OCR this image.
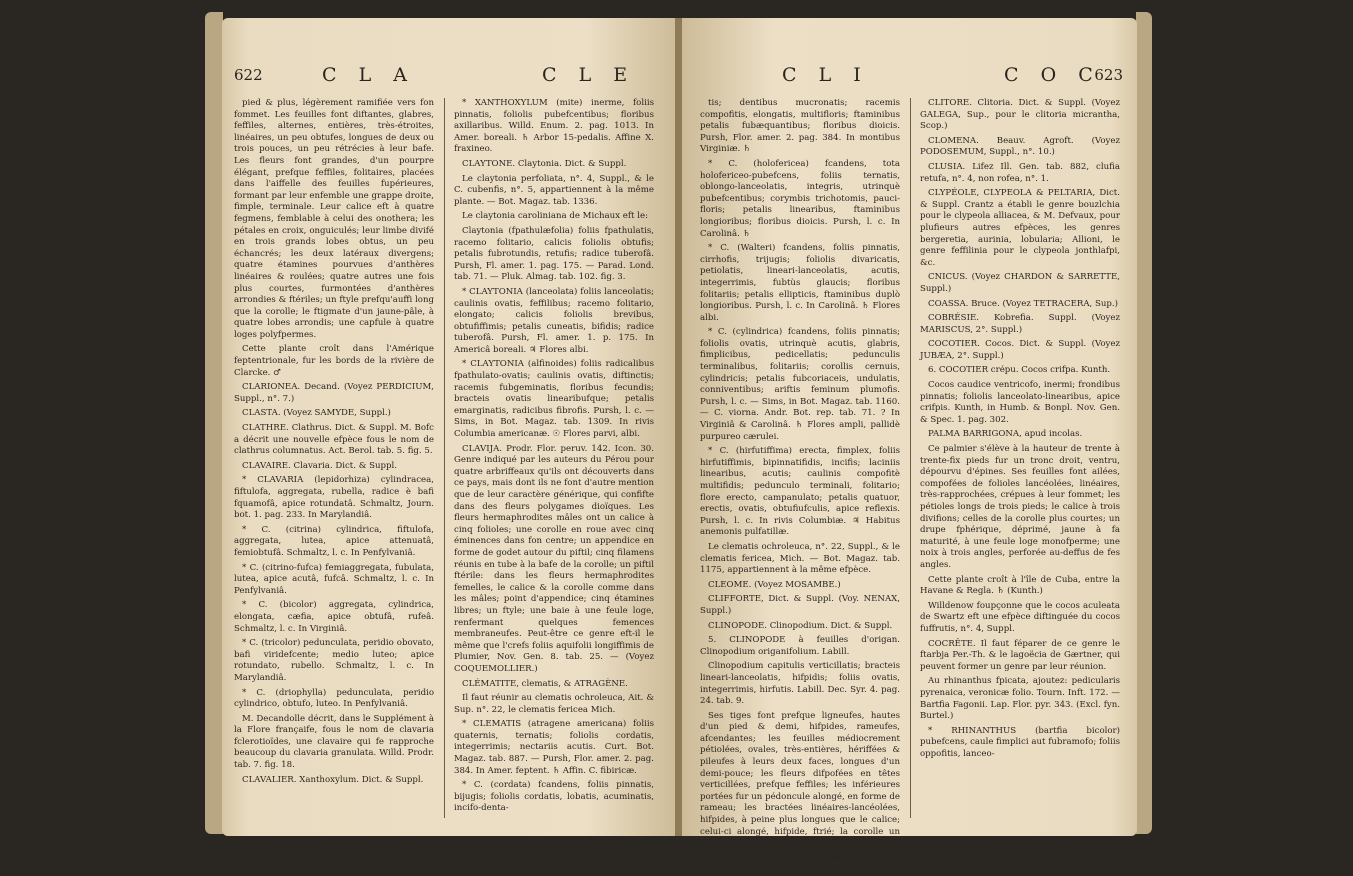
622	C L A	C L E

pied & plus, légèrement ramifiée vers fon fommet. Les feuilles font diftantes, glabres, feffiles, alternes, entières, très-étroites, linéaires, un peu obtufes, longues de deux ou trois pouces, un peu rétrécies à leur bafe. Les fleurs font grandes, d'un pourpre élégant, prefque feffiles, folitaires, placées dans l'aiffelle des feuilles fupérieures, formant par leur enfemble une grappe droite, fimple, terminale. Leur calice eft à quatre fegmens, femblable à celui des onothera; les pétales en croix, onguiculés; leur limbe divifé en trois grands lobes obtus, un peu échancrés; les deux latéraux divergens; quatre étamines pourvues d'anthères linéaires & roulées; quatre autres une fois plus courtes, furmontées d'anthères arrondies & ftériles; un ftyle prefqu'auffi long que la corolle; le ftigmate d'un jaune-pâle, à quatre lobes arrondis; une capfule à quatre loges polyfpermes.

Cette plante croît dans l'Amérique feptentrionale, fur les bords de la rivière de Clarcke. ♂

CLARIONEA. Decand. (Voyez PERDICIUM, Suppl., n°. 7.)

CLASTA. (Voyez SAMYDE, Suppl.)

CLATHRE. Clathrus. Dict. & Suppl. M. Bofc a décrit une nouvelle efpèce fous le nom de clathrus columnatus. Act. Berol. tab. 5. fig. 5.

CLAVAIRE. Clavaria. Dict. & Suppl.

* CLAVARIA (lepidorhiza) cylindracea, fiftulofa, aggregata, rubella, radice è bafi fquamofâ, apice rotundatâ. Schmaltz, Journ. bot. 1. pag. 233. In Marylandiâ.

* C. (citrina) cylindrica, fiftulofa, aggregata, lutea, apice attenuatâ, femiobtufâ. Schmaltz, l. c. In Penfylvaniâ.

* C. (citrino-fufca) femiaggregata, fubulata, lutea, apice acutâ, fufcâ. Schmaltz, l. c. In Penfylvaniâ.

* C. (bicolor) aggregata, cylindrica, elongata, cæfia, apice obtufâ, rufeâ. Schmaltz, l. c. In Virginiâ.

* C. (tricolor) pedunculata, peridio obovato, bafi viridefcente; medio luteo; apice rotundato, rubello. Schmaltz, l. c. In Marylandiâ.

* C. (driophylla) pedunculata, peridio cylindrico, obtufo, luteo. In Penfylvaniâ.

M. Decandolle décrit, dans le Supplément à la Flore françaife, fous le nom de clavaria fclerotioïdes, une clavaire qui fe rapproche beaucoup du clavaria granulata. Willd. Prodr. tab. 7. fig. 18.

CLAVALIER. Xanthoxylum. Dict. & Suppl.

* XANTHOXYLUM (mite) inerme, foliis pinnatis, foliolis pubefcentibus; floribus axillaribus. Willd. Enum. 2. pag. 1013. In Amer. boreali. ♄ Arbor 15-pedalis. Affine X. fraxineo.

CLAYTONE. Claytonia. Dict. & Suppl.

Le claytonia perfoliata, n°. 4, Suppl., & le C. cubenfis, n°. 5, appartiennent à la même plante. — Bot. Magaz. tab. 1336.

Le claytonia caroliniana de Michaux eft le:

Claytonia (fpathulæfolia) foliis fpathulatis, racemo folitario, calicis foliolis obtufis; petalis fubrotundis, retufis; radice tuberofâ. Pursh, Fl. amer. 1. pag. 175. — Parad. Lond. tab. 71. — Pluk. Almag. tab. 102. fig. 3.

* CLAYTONIA (lanceolata) foliis lanceolatis; caulinis ovatis, feffilibus; racemo folitario, elongato; calicis foliolis brevibus, obtufiffimis; petalis cuneatis, bifidis; radice tuberofâ. Pursh, Fl. amer. 1. p. 175. In Americâ boreali. ♃ Flores albi.

* CLAYTONIA (alfinoides) foliis radicalibus fpathulato-ovatis; caulinis ovatis, diftinctis; racemis fubgeminatis, floribus fecundis; bracteis ovatis linearibufque; petalis emarginatis, radicibus fibrofis. Pursh, l. c. — Sims, in Bot. Magaz. tab. 1309. In rivis Columbia americanæ. ☉ Flores parvi, albi.

CLAVIJA. Prodr. Flor. peruv. 142. Icon. 30. Genre indiqué par les auteurs du Pérou pour quatre arbriffeaux qu'ils ont découverts dans ce pays, mais dont ils ne font d'autre mention que de leur caractère générique, qui confifte dans des fleurs polygames dioïques. Les fleurs hermaphrodites mâles ont un calice à cinq folioles; une corolle en roue avec cinq éminences dans fon centre; un appendice en forme de godet autour du piftil; cinq filamens réunis en tube à la bafe de la corolle; un piftil ftérile: dans les fleurs hermaphrodites femelles, le calice & la corolle comme dans les mâles; point d'appendice; cinq étamines libres; un ftyle; une baie à une feule loge, renfermant quelques femences membraneufes. Peut-être ce genre eft-il le même que l'crefs foliis aquifolii longiffimis de Plumier, Nov. Gen. 8. tab. 25. — (Voyez COQUEMOLLIER.)

CLÉMATITE, clematis, & ATRAGÈNE.

Il faut réunir au clematis ochroleuca, Ait. & Sup. n°. 22, le clematis fericea Mich.

* CLEMATIS (atragene americana) foliis quaternis, ternatis; foliolis cordatis, integerrimis; nectariis acutis. Curt. Bot. Magaz. tab. 887. — Pursh, Flor. amer. 2. pag. 384. In Amer. feptent. ♄ Affin. C. fibiricæ.

* C. (cordata) fcandens, foliis pinnatis, bijugis; foliolis cordatis, lobatis, acuminatis, incifo-denta-

C L I	C O C
623

tis; dentibus mucronatis; racemis compofitis, elongatis, multifloris; ftaminibus petalis fubæquantibus; floribus dioicis. Pursh, Flor. amer. 2. pag. 384. In montibus Virginiæ. ♄

* C. (holofericea) fcandens, tota holofericeo-pubefcens, foliis ternatis, oblongo-lanceolatis, integris, utrinquè pubefcentibus; corymbis trichotomis, pauci-floris; petalis linearibus, ftaminibus longioribus; floribus dioicis. Pursh, l. c. In Carolinâ. ♄

* C. (Walteri) fcandens, foliis pinnatis, cirrhofis, trijugis; foliolis divaricatis, petiolatis, lineari-lanceolatis, acutis, integerrimis, fubtùs glaucis; floribus folitariis; petalis ellipticis, ftaminibus duplò longioribus. Pursh, l. c. In Carolinâ. ♄ Flores albi.

* C. (cylindrica) fcandens, foliis pinnatis; foliolis ovatis, utrinquè acutis, glabris, fimplicibus, pedicellatis; pedunculis terminalibus, folitariis; corollis cernuis, cylindricis; petalis fubcoriaceis, undulatis, conniventibus; ariftis feminum plumofis. Pursh, l. c. — Sims, in Bot. Magaz. tab. 1160. — C. viorna. Andr. Bot. rep. tab. 71. ? In Virginiâ & Carolinâ. ♄ Flores ampli, pallidè purpureo cærulei.

* C. (hirfutiffima) erecta, fimplex, foliis hirfutiffimis, bipinnatifidis, incifis; laciniis linearibus, acutis; caulinis compofitè multifidis; pedunculo terminali, folitario; flore erecto, campanulato; petalis quatuor, erectis, ovatis, obtufiufculis, apice reflexis. Pursh, l. c. In rivis Columbiæ. ♃ Habitus anemonis pulfatillæ.

Le clematis ochroleuca, n°. 22, Suppl., & le clematis fericea, Mich. — Bot. Magaz. tab. 1175, appartiennent à la même efpèce.

CLEOME. (Voyez MOSAMBE.)

CLIFFORTE, Dict. & Suppl. (Voy. NENAX, Suppl.)

CLINOPODE. Clinopodium. Dict. & Suppl.

5. CLINOPODE à feuilles d'origan. Clinopodium origanifolium. Labill.

Clinopodium capitulis verticillatis; bracteis lineari-lanceolatis, hifpidis; foliis ovatis, integerrimis, hirfutis. Labill. Dec. Syr. 4. pag. 24. tab. 9.

Ses tiges font prefque ligneufes, hautes d'un pied & demi, hifpides, rameufes, afcendantes; les feuilles médiocrement pétiolées, ovales, très-entières, hériffées & pileufes à leurs deux faces, longues d'un demi-pouce; les fleurs difpofées en têtes verticillées, prefque feffiles; les inférieures portées fur un pédoncule alongé, en forme de rameau; les bractées linéaires-lancéolées, hifpides, à peine plus longues que le calice; celui-ci alongé, hifpide, ftrié; la corolle un peu pileufe; le tube de la longueur du calice.

Cette plante croît fur le mont Liban. ♄ (Labill.)

CLITORE. Clitoria. Dict. & Suppl. (Voyez GALEGA, Sup., pour le clitoria micrantha, Scop.)

CLOMENA. Beauv. Agroft. (Voyez PODOSEMUM, Suppl., n°. 10.)

CLUSIA. Lifez Ill. Gen. tab. 882, clufia retufa, n°. 4, non rofea, n°. 1.

CLYPÉOLE, CLYPEOLA & PELTARIA, Dict. & Suppl. Crantz a établi le genre bouzlchia pour le clypeola alliacea, & M. Defvaux, pour plufieurs autres efpèces, les genres bergeretia, aurinia, lobularia; Allioni, le genre feffilinia pour le clypeola jonthlafpi, &c.

CNICUS. (Voyez CHARDON & SARRETTE, Suppl.)

COASSA. Bruce. (Voyez TETRACERA, Sup.)

COBRÉSIE. Kobrefia. Suppl. (Voyez MARISCUS, 2°. Suppl.)

COCOTIER. Cocos. Dict. & Suppl. (Voyez JUBÆA, 2°. Suppl.)

6. COCOTIER crépu. Cocos crifpa. Kunth.

Cocos caudice ventricofo, inermi; frondibus pinnatis; foliolis lanceolato-linearibus, apice crifpis. Kunth, in Humb. & Bonpl. Nov. Gen. & Spec. 1. pag. 302.

PALMA BARRIGONA, apud incolas.

Ce palmier s'élève à la hauteur de trente à trente-fix pieds fur un tronc droit, ventru, dépourvu d'épines. Ses feuilles font ailées, compofées de folioles lancéolées, linéaires, très-rapprochées, crépues à leur fommet; les pétioles longs de trois pieds; le calice à trois divifions; celles de la corolle plus courtes; un drupe fphérique, déprimé, jaune à fa maturité, à une feule loge monofperme; une noix à trois angles, perforée au-deffus de fes angles.

Cette plante croît à l'île de Cuba, entre la Havane & Regla. ♄ (Kunth.)

Willdenow foupçonne que le cocos aculeata de Swartz eft une efpèce diftinguée du cocos fuffrutis, n°. 4, Suppl.

COCRÊTE. Il faut féparer de ce genre le ftarbja Per.-Th. & le lagoëcia de Gærtner, qui peuvent former un genre par leur réunion.

Au rhinanthus fpicata, ajoutez: pedicularis pyrenaica, veronicæ folio. Tourn. Inft. 172. — Bartfia Fagonii. Lap. Flor. pyr. 343. (Excl. fyn. Burtel.)

* RHINANTHUS (bartfia bicolor) pubefcens, caule fimplici aut fubramofo; foliis oppofitis, lanceo-
